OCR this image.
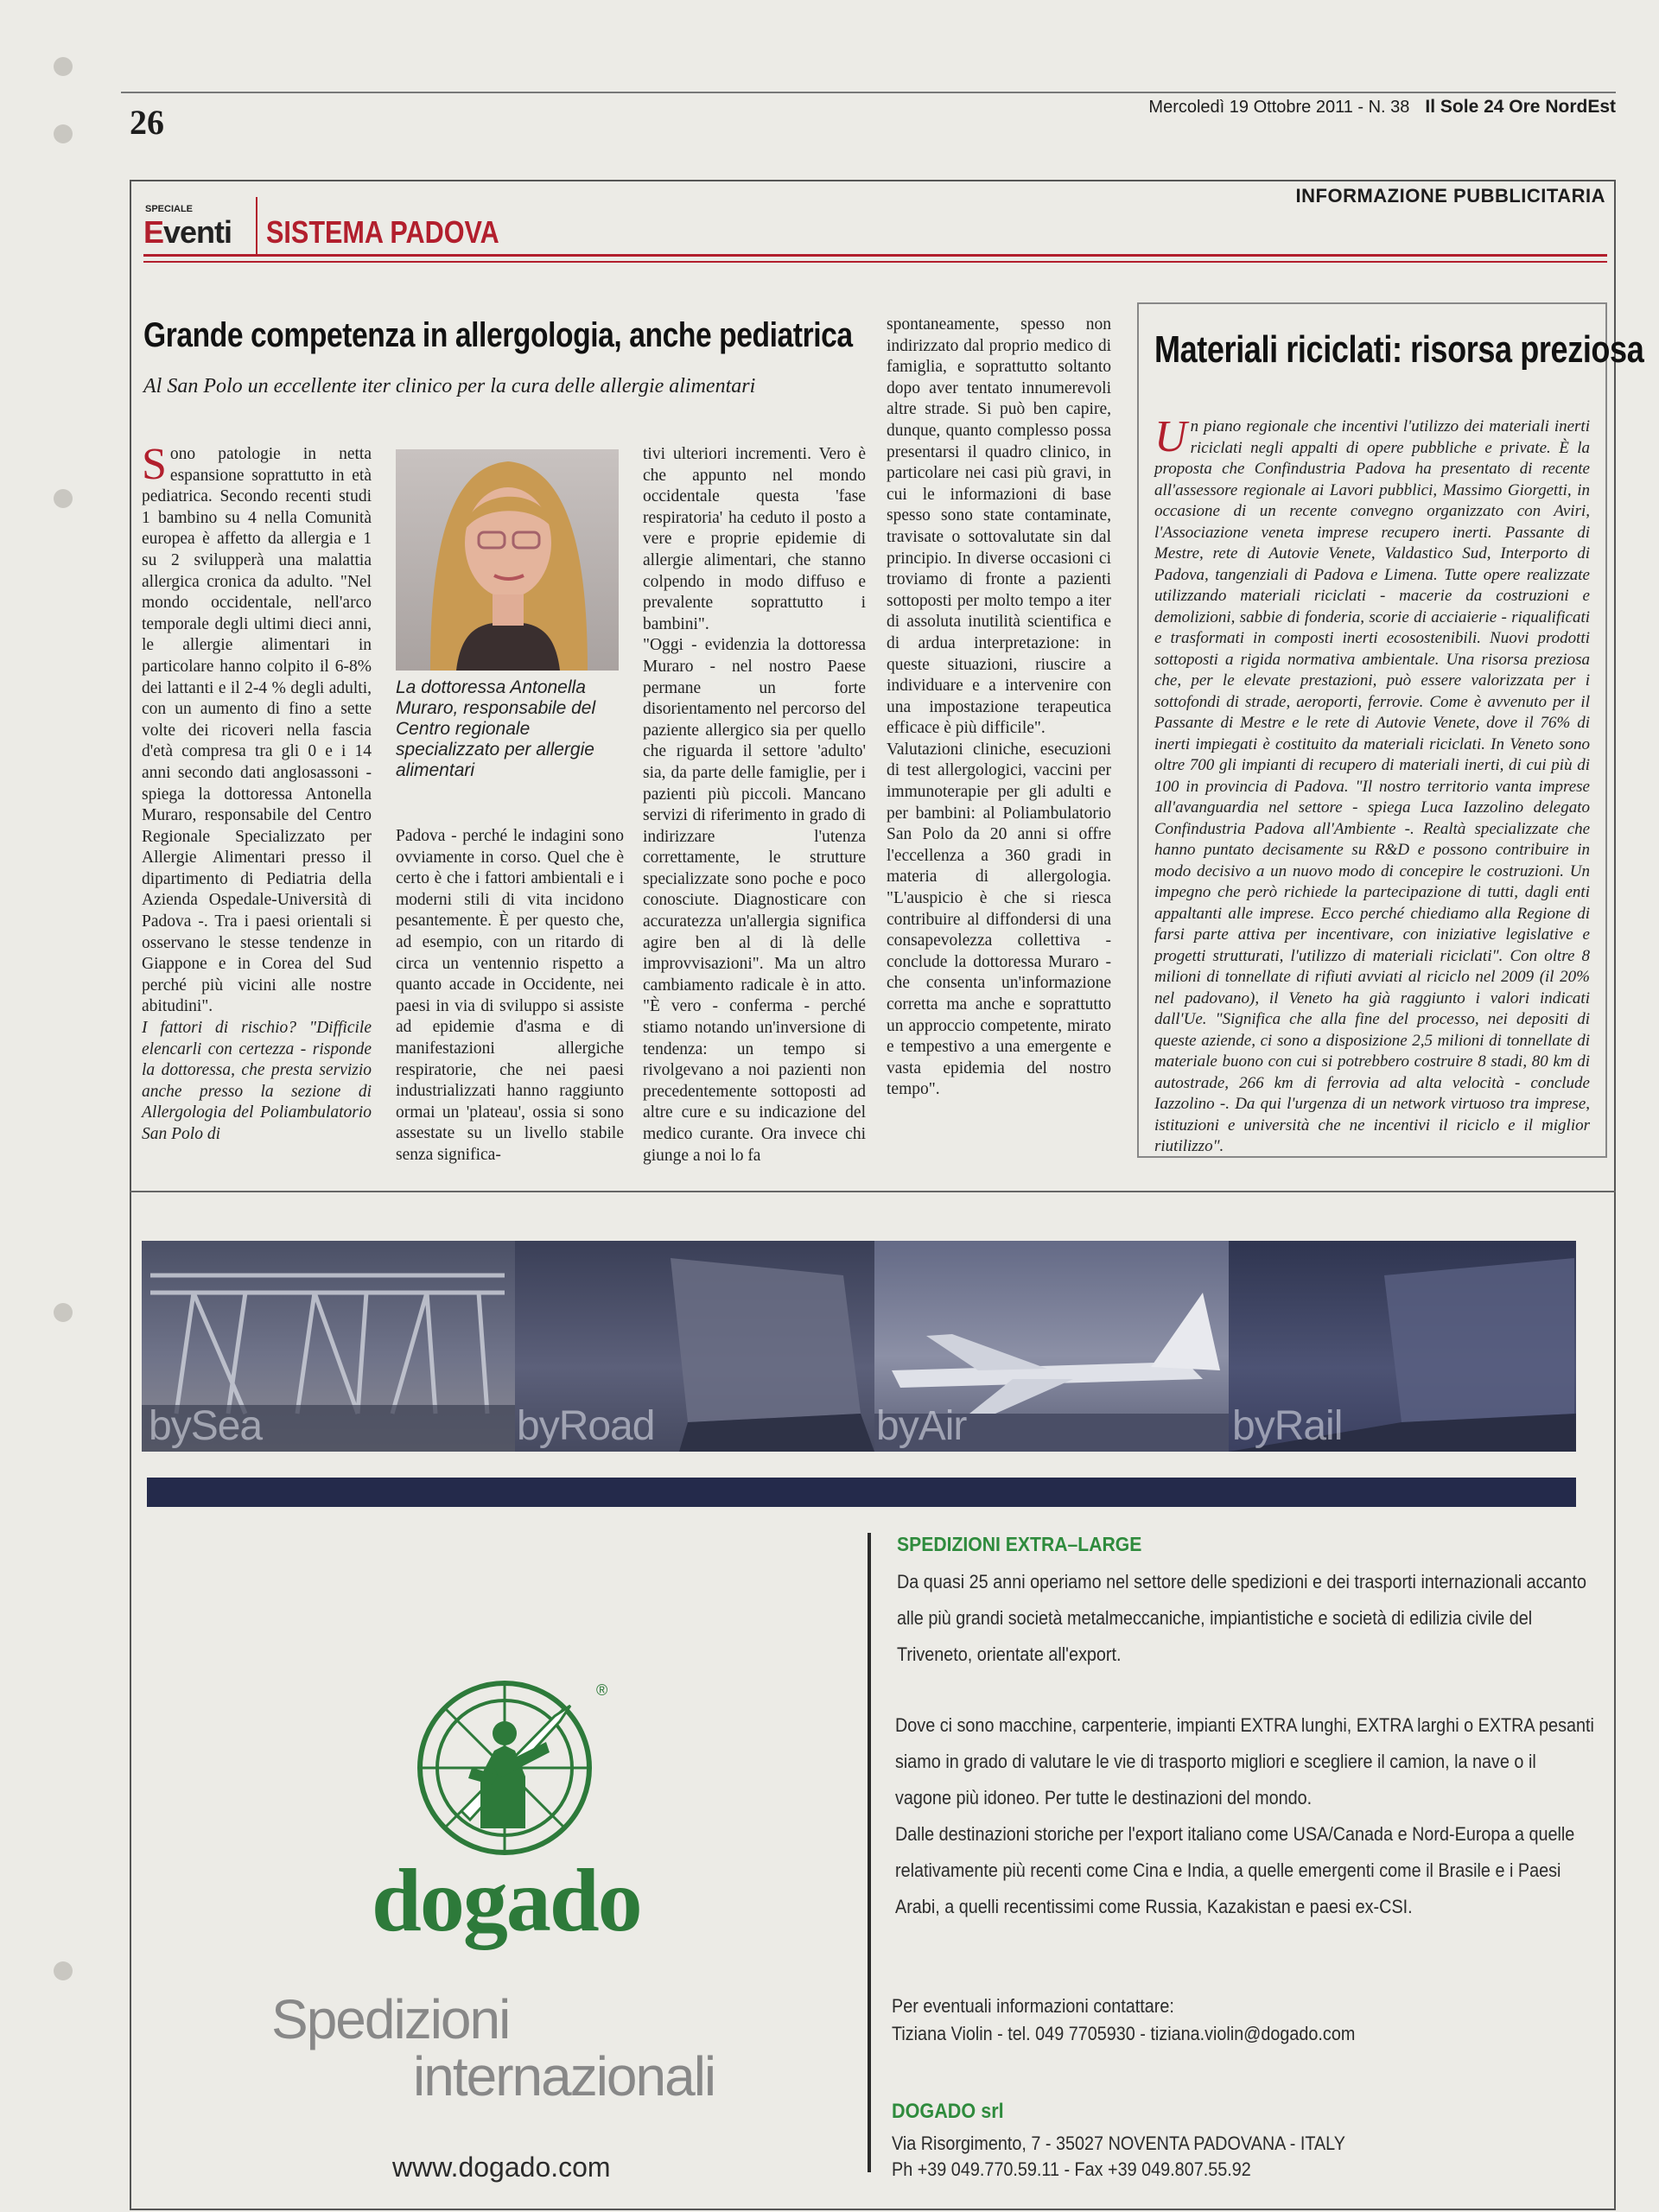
26	Mercoledì 19 Ottobre 2011 - N. 38 Il Sole 24 Ore NordEst
INFORMAZIONE PUBBLICITARIA
SPECIALE
Eventi SISTEMA PADOVA
Grande competenza in allergologia, anche pediatrica
Al San Polo un eccellente iter clinico per la cura delle allergie alimentari

Sono patologie in netta espansione soprattutto in età pediatrica. Secondo recenti studi 1 bambino su 4 nella Comunità europea è affetto da allergia e 1 su 2 svilupperà una malattia allergica cronica da adulto. "Nel mondo occidentale, nell'arco temporale degli ultimi dieci anni, le allergie alimentari in particolare hanno colpito il 6-8% dei lattanti e il 2-4 % degli adulti, con un aumento di fino a sette volte dei ricoveri nella fascia d'età compresa tra gli 0 e i 14 anni secondo dati anglosassoni - spiega la dottoressa Antonella Muraro, responsabile del Centro Regionale Specializzato per Allergie Alimentari presso il dipartimento di Pediatria della Azienda Ospedale-Università di Padova -. Tra i paesi orientali si osservano le stesse tendenze in Giappone e in Corea del Sud perché più vicini alle nostre abitudini".

I fattori di rischio? "Difficile elencarli con certezza - risponde la dottoressa, che presta servizio anche presso la sezione di Allergologia del Poliambulatorio San Polo di

La dottoressa Antonella Muraro, responsabile del Centro regionale specializzato per allergie alimentari

Padova - perché le indagini sono ovviamente in corso. Quel che è certo è che i fattori ambientali e i moderni stili di vita incidono pesantemente. È per questo che, ad esempio, con un ritardo di circa un ventennio rispetto a quanto accade in Occidente, nei paesi in via di sviluppo si assiste ad epidemie d'asma e di manifestazioni allergiche respiratorie, che nei paesi industrializzati hanno raggiunto ormai un 'plateau', ossia si sono assestate su un livello stabile senza significa-

tivi ulteriori incrementi. Vero è che appunto nel mondo occidentale questa 'fase respiratoria' ha ceduto il posto a vere e proprie epidemie di allergie alimentari, che stanno colpendo in modo diffuso e prevalente soprattutto i bambini".

"Oggi - evidenzia la dottoressa Muraro - nel nostro Paese permane un forte disorientamento nel percorso del paziente allergico sia per quello che riguarda il settore 'adulto' sia, da parte delle famiglie, per i pazienti più piccoli. Mancano servizi di riferimento in grado di indirizzare l'utenza correttamente, le strutture specializzate sono poche e poco conosciute. Diagnosticare con accuratezza un'allergia significa agire ben al di là delle improvvisazioni". Ma un altro cambiamento radicale è in atto. "È vero - conferma - perché stiamo notando un'inversione di tendenza: un tempo si rivolgevano a noi pazienti non precedentemente sottoposti ad altre cure e su indicazione del medico curante. Ora invece chi giunge a noi lo fa

spontaneamente, spesso non indirizzato dal proprio medico di famiglia, e soprattutto soltanto dopo aver tentato innumerevoli altre strade. Si può ben capire, dunque, quanto complesso possa presentarsi il quadro clinico, in particolare nei casi più gravi, in cui le informazioni di base spesso sono state contaminate, travisate o sottovalutate sin dal principio. In diverse occasioni ci troviamo di fronte a pazienti sottoposti per molto tempo a iter di assoluta inutilità scientifica e di ardua interpretazione: in queste situazioni, riuscire a individuare e a intervenire con una impostazione terapeutica efficace è più difficile".

Valutazioni cliniche, esecuzioni di test allergologici, vaccini per immunoterapie per gli adulti e per bambini: al Poliambulatorio San Polo da 20 anni si offre l'eccellenza a 360 gradi in materia di allergologia. "L'auspicio è che si riesca contribuire al diffondersi di una consapevolezza collettiva - conclude la dottoressa Muraro - che consenta un'informazione corretta ma anche e soprattutto un approccio competente, mirato e tempestivo a una emergente e vasta epidemia del nostro tempo".

Materiali riciclati: risorsa preziosa

Un piano regionale che incentivi l'utilizzo dei materiali inerti riciclati negli appalti di opere pubbliche e private. È la proposta che Confindustria Padova ha presentato di recente all'assessore regionale ai Lavori pubblici, Massimo Giorgetti, in occasione di un recente convegno organizzato con Aviri, l'Associazione veneta imprese recupero inerti. Passante di Mestre, rete di Autovie Venete, Valdastico Sud, Interporto di Padova, tangenziali di Padova e Limena. Tutte opere realizzate utilizzando materiali riciclati - macerie da costruzioni e demolizioni, sabbie di fonderia, scorie di acciaierie - riqualificati e trasformati in composti inerti ecosostenibili. Nuovi prodotti sottoposti a rigida normativa ambientale. Una risorsa preziosa che, per le elevate prestazioni, può essere valorizzata per i sottofondi di strade, aeroporti, ferrovie. Come è avvenuto per il Passante di Mestre e le rete di Autovie Venete, dove il 76% di inerti impiegati è costituito da materiali riciclati. In Veneto sono oltre 700 gli impianti di recupero di materiali inerti, di cui più di 100 in provincia di Padova. "Il nostro territorio vanta imprese all'avanguardia nel settore - spiega Luca Iazzolino delegato Confindustria Padova all'Ambiente -. Realtà specializzate che hanno puntato decisamente su R&D e possono contribuire in modo decisivo a un nuovo modo di concepire le costruzioni. Un impegno che però richiede la partecipazione di tutti, dagli enti appaltanti alle imprese. Ecco perché chiediamo alla Regione di farsi parte attiva per incentivare, con iniziative legislative e progetti strutturati, l'utilizzo di materiali riciclati". Con oltre 8 milioni di tonnellate di rifiuti avviati al riciclo nel 2009 (il 20% nel padovano), il Veneto ha già raggiunto i valori indicati dall'Ue. "Significa che alla fine del processo, nei depositi di queste aziende, ci sono a disposizione 2,5 milioni di tonnellate di materiale buono con cui si potrebbero costruire 8 stadi, 80 km di autostrade, 266 km di ferrovia ad alta velocità - conclude Iazzolino -. Da qui l'urgenza di un network virtuoso tra imprese, istituzioni e università che ne incentivi il riciclo e il miglior riutilizzo".

bySea	byRoad	byAir	byRail
®
dogado
Spedizioni
internazionali
www.dogado.com
SPEDIZIONI EXTRA–LARGE

Da quasi 25 anni operiamo nel settore delle spedizioni e dei trasporti internazionali accanto alle più grandi società metalmeccaniche, impiantistiche e società di edilizia civile del Triveneto, orientate all'export.

Dove ci sono macchine, carpenterie, impianti EXTRA lunghi, EXTRA larghi o EXTRA pesanti siamo in grado di valutare le vie di trasporto migliori e scegliere il camion, la nave o il vagone più idoneo. Per tutte le destinazioni del mondo.

Dalle destinazioni storiche per l'export italiano come USA/Canada e Nord-Europa a quelle relativamente più recenti come Cina e India, a quelle emergenti come il Brasile e i Paesi Arabi, a quelli recentissimi come Russia, Kazakistan e paesi ex-CSI.

Per eventuali informazioni contattare:
Tiziana Violin - tel. 049 7705930 - tiziana.violin@dogado.com
DOGADO srl
Via Risorgimento, 7 - 35027 NOVENTA PADOVANA - ITALY
Ph +39 049.770.59.11 - Fax +39 049.807.55.92
